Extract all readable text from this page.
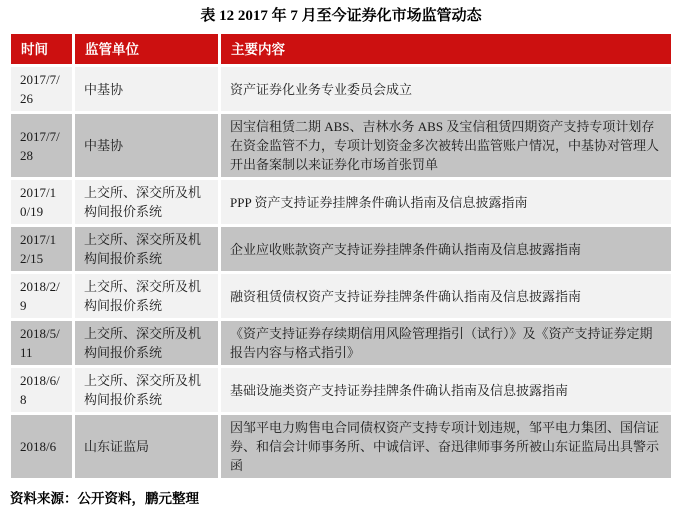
表 12 2017 年 7 月至今证券化市场监管动态
时间	监管单位	主要内容
2017/7/26	中基协	资产证券化业务专业委员会成立
2017/7/28	中基协	因宝信租赁二期 ABS、吉林水务 ABS 及宝信租赁四期资产支持专项计划存在资金监管不力，专项计划资金多次被转出监管账户情况，中基协对管理人开出备案制以来证券化市场首张罚单
2017/10/19	上交所、深交所及机构间报价系统	PPP 资产支持证券挂牌条件确认指南及信息披露指南
2017/12/15	上交所、深交所及机构间报价系统	企业应收账款资产支持证券挂牌条件确认指南及信息披露指南
2018/2/9	上交所、深交所及机构间报价系统	融资租赁债权资产支持证券挂牌条件确认指南及信息披露指南
2018/5/11	上交所、深交所及机构间报价系统	《资产支持证券存续期信用风险管理指引（试行）》及《资产支持证券定期报告内容与格式指引》
2018/6/8	上交所、深交所及机构间报价系统	基础设施类资产支持证券挂牌条件确认指南及信息披露指南
2018/6	山东证监局	因邹平电力购售电合同债权资产支持专项计划违规，邹平电力集团、国信证券、和信会计师事务所、中诚信评、奋迅律师事务所被山东证监局出具警示函
资料来源：公开资料，鹏元整理
